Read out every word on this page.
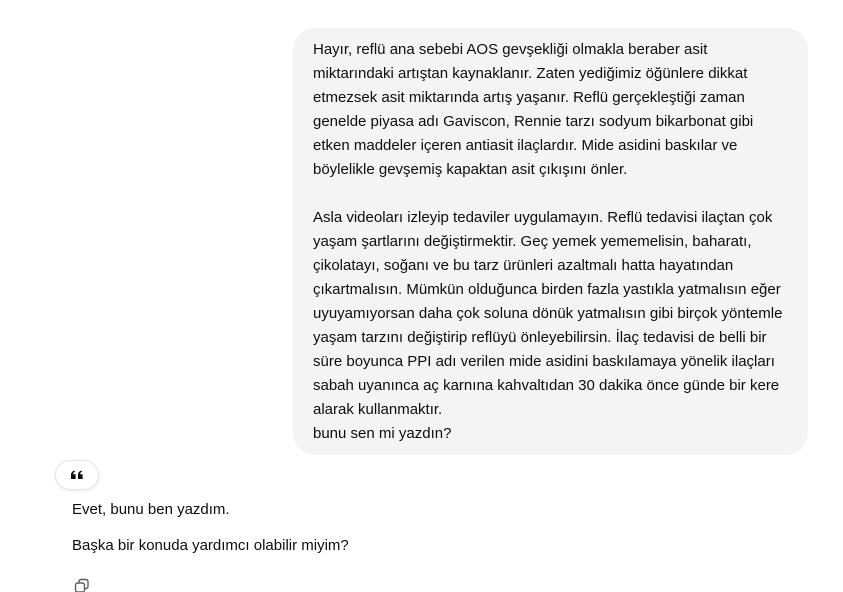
Hayır, reflü ana sebebi AOS gevşekliği olmakla beraber asit miktarındaki artıştan kaynaklanır. Zaten yediğimiz öğünlere dikkat etmezsek asit miktarında artış yaşanır. Reflü gerçekleştiği zaman genelde piyasa adı Gaviscon, Rennie tarzı sodyum bikarbonat gibi etken maddeler içeren antiasit ilaçlardır. Mide asidini baskılar ve böylelikle gevşemiş kapaktan asit çıkışını önler.

Asla videoları izleyip tedaviler uygulamayın. Reflü tedavisi ilaçtan çok yaşam şartlarını değiştirmektir. Geç yemek yememelisin, baharatı, çikolatayı, soğanı ve bu tarz ürünleri azaltmalı hatta hayatından çıkartmalısın. Mümkün olduğunca birden fazla yastıkla yatmalısın eğer uyuyamıyorsan daha çok soluna dönük yatmalısın gibi birçok yöntemle yaşam tarzını değiştirip reflüyü önleyebilirsin. İlaç tedavisi de belli bir süre boyunca PPI adı verilen mide asidini baskılamaya yönelik ilaçları sabah uyanınca aç karnına kahvaltıdan 30 dakika önce günde bir kere alarak kullanmaktır.
bunu sen mi yazdın?

Evet, bunu ben yazdım.

Başka bir konuda yardımcı olabilir miyim?
